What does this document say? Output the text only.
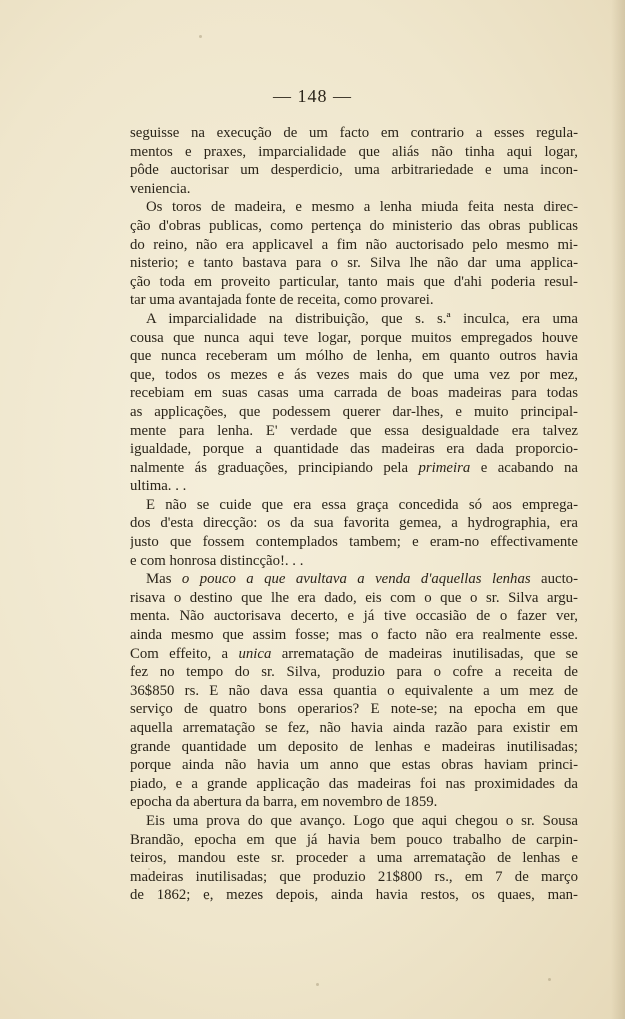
— 148 —
seguisse na execução de um facto em contrario a esses regula-
mentos e praxes, imparcialidade que aliás não tinha aqui logar,
pôde auctorisar um desperdicio, uma arbitrariedade e uma incon-
veniencia.
Os toros de madeira, e mesmo a lenha miuda feita nesta direc-
ção d'obras publicas, como pertença do ministerio das obras publicas
do reino, não era applicavel a fim não auctorisado pelo mesmo mi-
nisterio; e tanto bastava para o sr. Silva lhe não dar uma applica-
ção toda em proveito particular, tanto mais que d'ahi poderia resul-
tar uma avantajada fonte de receita, como provarei.
A imparcialidade na distribuição, que s. s.ª inculca, era uma
cousa que nunca aqui teve logar, porque muitos empregados houve
que nunca receberam um mólho de lenha, em quanto outros havia
que, todos os mezes e ás vezes mais do que uma vez por mez,
recebiam em suas casas uma carrada de boas madeiras para todas
as applicações, que podessem querer dar-lhes, e muito principal-
mente para lenha. E' verdade que essa desigualdade era talvez
igualdade, porque a quantidade das madeiras era dada proporcio-
nalmente ás graduações, principiando pela primeira e acabando na
ultima. . .
E não se cuide que era essa graça concedida só aos emprega-
dos d'esta direcção: os da sua favorita gemea, a hydrographia, era
justo que fossem contemplados tambem; e eram-no effectivamente
e com honrosa distincção!. . .
Mas o pouco a que avultava a venda d'aquellas lenhas aucto-
risava o destino que lhe era dado, eis com o que o sr. Silva argu-
menta. Não auctorisava decerto, e já tive occasião de o fazer ver,
ainda mesmo que assim fosse; mas o facto não era realmente esse.
Com effeito, a unica arrematação de madeiras inutilisadas, que se
fez no tempo do sr. Silva, produzio para o cofre a receita de
36$850 rs. E não dava essa quantia o equivalente a um mez de
serviço de quatro bons operarios? E note-se; na epocha em que
aquella arrematação se fez, não havia ainda razão para existir em
grande quantidade um deposito de lenhas e madeiras inutilisadas;
porque ainda não havia um anno que estas obras haviam princi-
piado, e a grande applicação das madeiras foi nas proximidades da
epocha da abertura da barra, em novembro de 1859.
Eis uma prova do que avanço. Logo que aqui chegou o sr. Sousa
Brandão, epocha em que já havia bem pouco trabalho de carpin-
teiros, mandou este sr. proceder a uma arrematação de lenhas e
madeiras inutilisadas; que produzio 21$800 rs., em 7 de março
de 1862; e, mezes depois, ainda havia restos, os quaes, man-
